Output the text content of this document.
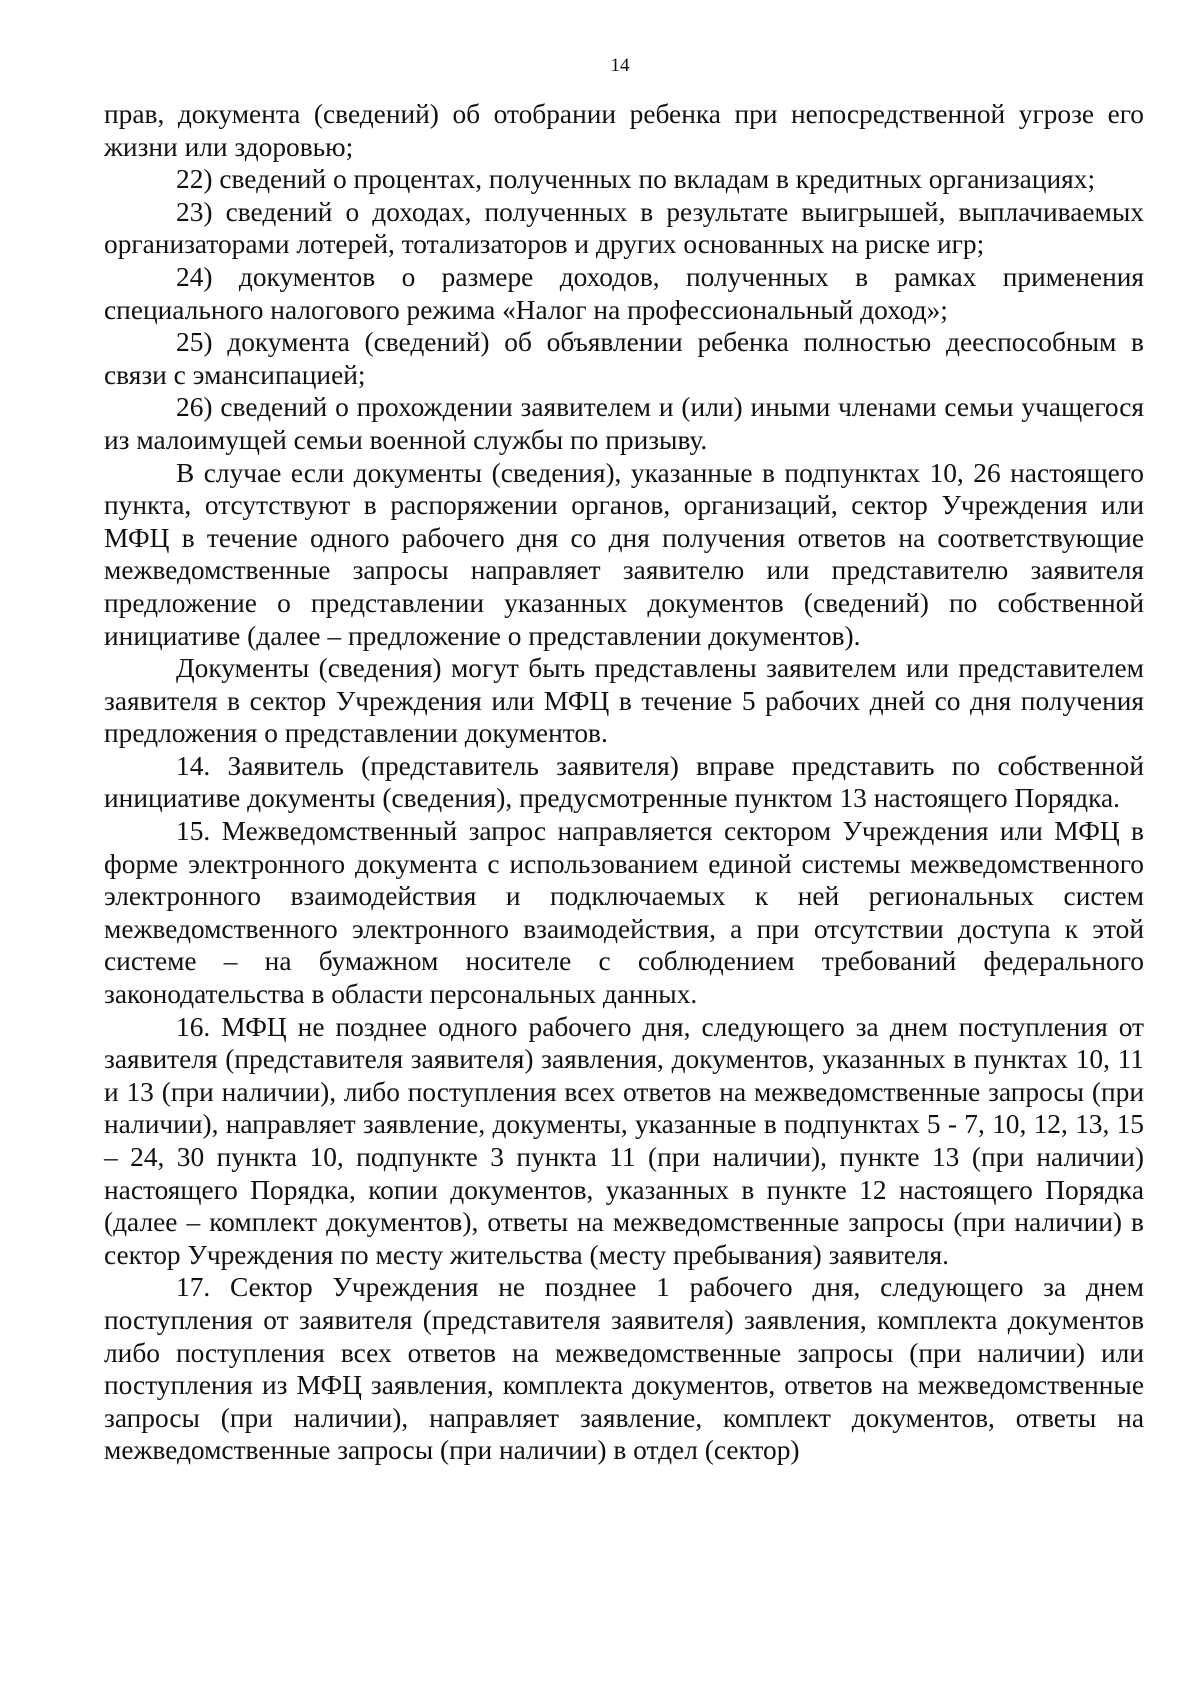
14

прав, документа (сведений) об отобрании ребенка при непосредственной угрозе его жизни или здоровью;

22) сведений о процентах, полученных по вкладам в кредитных организациях;

23) сведений о доходах, полученных в результате выигрышей, выплачиваемых организаторами лотерей, тотализаторов и других основанных на риске игр;

24) документов о размере доходов, полученных в рамках применения специального налогового режима «Налог на профессиональный доход»;

25) документа (сведений) об объявлении ребенка полностью дееспособным в связи с эмансипацией;

26) сведений о прохождении заявителем и (или) иными членами семьи учащегося из малоимущей семьи военной службы по призыву.

В случае если документы (сведения), указанные в подпунктах 10, 26 настоящего пункта, отсутствуют в распоряжении органов, организаций, сектор Учреждения или МФЦ в течение одного рабочего дня со дня получения ответов на соответствующие межведомственные запросы направляет заявителю или представителю заявителя предложение о представлении указанных документов (сведений) по собственной инициативе (далее – предложение о представлении документов).

Документы (сведения) могут быть представлены заявителем или представителем заявителя в сектор Учреждения или МФЦ в течение 5 рабочих дней со дня получения предложения о представлении документов.

14. Заявитель (представитель заявителя) вправе представить по собственной инициативе документы (сведения), предусмотренные пунктом 13 настоящего Порядка.

15. Межведомственный запрос направляется сектором Учреждения или МФЦ в форме электронного документа с использованием единой системы межведомственного электронного взаимодействия и подключаемых к ней региональных систем межведомственного электронного взаимодействия, а при отсутствии доступа к этой системе – на бумажном носителе с соблюдением требований федерального законодательства в области персональных данных.

16. МФЦ не позднее одного рабочего дня, следующего за днем поступления от заявителя (представителя заявителя) заявления, документов, указанных в пунктах 10, 11 и 13 (при наличии), либо поступления всех ответов на межведомственные запросы (при наличии), направляет заявление, документы, указанные в подпунктах 5 - 7, 10, 12, 13, 15 – 24, 30 пункта 10, подпункте 3 пункта 11 (при наличии), пункте 13 (при наличии) настоящего Порядка, копии документов, указанных в пункте 12 настоящего Порядка (далее – комплект документов), ответы на межведомственные запросы (при наличии) в сектор Учреждения по месту жительства (месту пребывания) заявителя.

17. Сектор Учреждения не позднее 1 рабочего дня, следующего за днем поступления от заявителя (представителя заявителя) заявления, комплекта документов либо поступления всех ответов на межведомственные запросы (при наличии) или поступления из МФЦ заявления, комплекта документов, ответов на межведомственные запросы (при наличии), направляет заявление, комплект документов, ответы на межведомственные запросы (при наличии) в отдел (сектор)
